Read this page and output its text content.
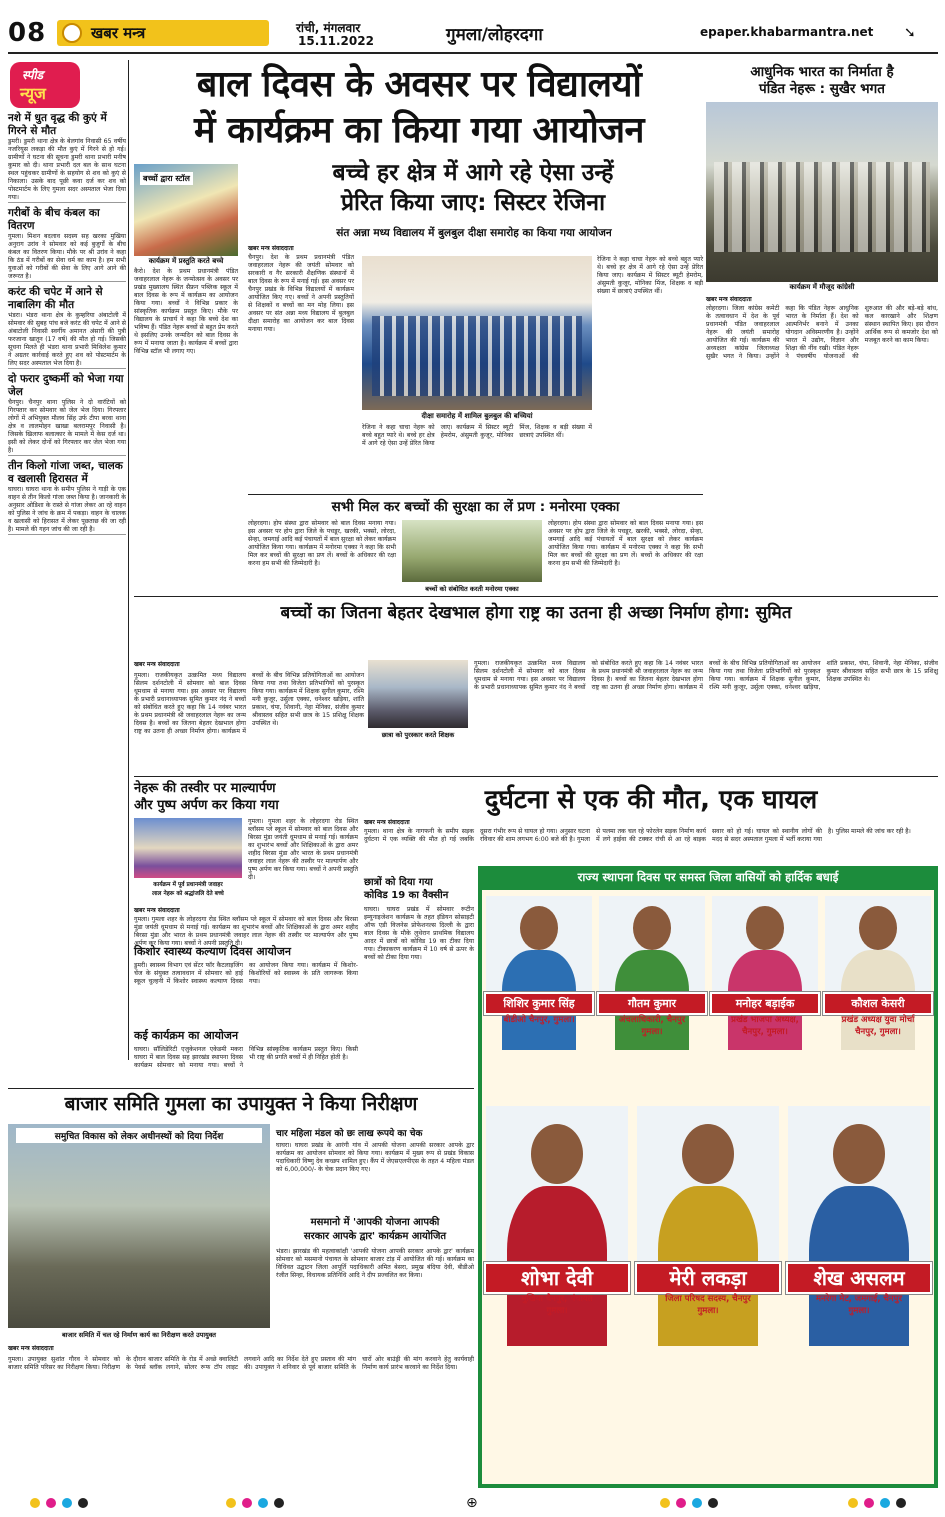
08	खबर मन्त्र	रांची, मंगलवार
15.11.2022	गुमला/लोहरदगा	epaper.khabarmantra.net ➘
स्पीड
न्यूज
नशे में धुत वृद्ध की कुएं में गिरने से मौत
डुमरी। डुमरी थाना क्षेत्र के बेलगांव निवासी 65 वर्षीय नजरियुस लकड़ा की मौत कुएं में गिरने से हो गई। ग्रामीणों ने घटना की सूचना डुमरी थाना प्रभारी मनीष कुमार को दी। थाना प्रभारी दल बल के साथ घटना स्थल पहुंचकर ग्रामीणों के सहयोग से शव को कुएं से निकाला। उसके बाद पूछी कवा दर्ज कर शव को पोस्टमार्टम के लिए गुमला सदर अस्पताल भेजा दिया गया।
गरीबों के बीच कंबल का वितरण
गुमला। मिशन बदलाव सदस्य सह खरका मुखिया अनुराग उरांव ने सोमवार को कई बुजुर्गों के बीच कंबल का वितरण किया। मौके पर श्री उरांव ने कहा कि ठंड में गरीबों का सेवा धर्म का काम है। हम सभी युवाओं को गरीबों की सेवा के लिए आगे आने की जरूरत है।
करंट की चपेट में आने से नाबालिग की मौत
भंडरा। भंडरा थाना क्षेत्र के कुम्हरिया अंबाटोली में सोमवार की सुबह पांच बजे करंट की चपेट में आने से अंबाटोली निवासी स्वर्गीय अमानत अंसारी की पुत्री फरजाना खातून (17 वर्ष) की मौत हो गई। जिसकी सूचना मिलते ही भंडरा थाना प्रभारी मिथिलेश कुमार ने अग्रतर कार्रवाई करते हुए शव को पोस्टमार्टम के लिए सदर अस्पताल भेज दिया है।
दो फरार दुष्कर्मी को भेजा गया जेल
चैनपुर। चैनपुर थाना पुलिस ने दो वारंटियों को गिरफ्तार कर सोमवार को जेल भेज दिया। गिरफ्तार लोगों में अभियुक्त मौलव सिंह उर्फ टीपा बरवा थाना क्षेत्र व लालमोहन खाखा बलरामपुर निवासी है। जिसके खिलाफ बलात्कार के मामले में केस दर्ज था। इसी को लेकर दोनों को गिरफ्तार कर जेल भेजा गया है।
तीन किलो गांजा जब्त, चालक व खलासी हिरासत में
घाघरा। घाघरा थाना के समीप पुलिस ने गाड़ी के एक वाहन से तीन किलो गांजा जब्त किया है। जानकारी के अनुसार ओडिशा के रास्ते से गांजा लेकर आ रहे वाहन को पुलिस ने जांच के क्रम में पकड़ा। वाहन के चालक व खलासी को हिरासत में लेकर पूछताछ की जा रही है। मामले की गहन जांच की जा रही है।
बाल दिवस के अवसर पर विद्यालयों
में कार्यक्रम का किया गया आयोजन
बच्चों द्वारा स्टॉल
कार्यक्रम में प्रस्तुति करते बच्चे
कैरो। देश के प्रथम प्रधानमंत्री पंडित जवाहरलाल नेहरू के जन्मोत्सव के अवसर पर प्रखंड मुख्यालय स्थित सैफ्रन पब्लिक स्कूल में बाल दिवस के रूप में कार्यक्रम का आयोजन किया गया। बच्चों ने विभिन्न प्रकार के सांस्कृतिक कार्यक्रम प्रस्तुत किए। मौके पर विद्यालय के प्राचार्य ने कहा कि बच्चे देश का भविष्य हैं। पंडित नेहरू बच्चों से बहुत प्रेम करते थे इसलिए उनके जन्मदिन को बाल दिवस के रूप में मनाया जाता है। कार्यक्रम में बच्चों द्वारा विभिन्न स्टॉल भी लगाए गए।
बच्चे हर क्षेत्र में आगे रहे ऐसा उन्हें
प्रेरित किया जाए: सिस्टर रेजिना
संत अन्ना मध्य विद्यालय में बुलबुल दीक्षा समारोह का किया गया आयोजन
खबर मन्त्र संवाददाता
चैनपुर। देश के प्रथम प्रधानमंत्री पंडित जवाहरलाल नेहरू की जयंती सोमवार को सरकारी व गैर सरकारी शैक्षणिक संस्थानों में बाल दिवस के रूप में मनाई गई। इस अवसर पर चैनपुर प्रखंड के विभिन्न विद्यालयों में कार्यक्रम आयोजित किए गए। बच्चों ने अपनी प्रस्तुतियों से शिक्षकों व बच्चों का मन मोह लिया। इस अवसर पर संत अन्ना मध्य विद्यालय में बुलबुल दीक्षा समारोह का आयोजन कर बाल दिवस मनाया गया।
दीक्षा समारोह में शामिल बुलबुल की बच्चियां
रेजिना ने कहा चाचा नेहरू को बच्चे बहुत प्यारे थे। बच्चे हर क्षेत्र में आगे रहे ऐसा उन्हें प्रेरित किया जाए। कार्यक्रम में सिस्टर ब्यूटी हेमरोम, अंसुमती कुजूर, मोनिका मिंज, शिक्षक व बड़ी संख्या में छात्राएं उपस्थित थीं।
रेजिना ने कहा चाचा नेहरू को बच्चे बहुत प्यारे थे। बच्चे हर क्षेत्र में आगे रहे ऐसा उन्हें प्रेरित किया जाए। कार्यक्रम में सिस्टर ब्यूटी हेमरोम, अंसुमती कुजूर, मोनिका मिंज, शिक्षक व बड़ी संख्या में छात्राएं उपस्थित थीं।
सभी मिल कर बच्चों की सुरक्षा का लें प्रण : मनोरमा एक्का
लोहरदगा। होप संस्था द्वारा सोमवार को बाल दिवस मनाया गया। इस अवसर पर होप द्वारा जिले के पचडूर, खरकी, भक्सो, लोरदा, सेन्हा, जमगाई आदि कई पंचायतों में बाल सुरक्षा को लेकर कार्यक्रम आयोजित किया गया। कार्यक्रम में मनोरमा एक्का ने कहा कि सभी मिल कर बच्चों की सुरक्षा का प्रण लें। बच्चों के अधिकार की रक्षा करना हम सभी की जिम्मेदारी है।
बच्चों को संबोधित करती मनोरमा एक्का
लोहरदगा। होप संस्था द्वारा सोमवार को बाल दिवस मनाया गया। इस अवसर पर होप द्वारा जिले के पचडूर, खरकी, भक्सो, लोरदा, सेन्हा, जमगाई आदि कई पंचायतों में बाल सुरक्षा को लेकर कार्यक्रम आयोजित किया गया। कार्यक्रम में मनोरमा एक्का ने कहा कि सभी मिल कर बच्चों की सुरक्षा का प्रण लें। बच्चों के अधिकार की रक्षा करना हम सभी की जिम्मेदारी है।
आधुनिक भारत का निर्माता है
पंडित नेहरू : सुखैर भगत
कार्यक्रम में मौजूद कांग्रेसी
खबर मन्त्र संवाददाता
लोहरदगा। जिला कांग्रेस कमेटी के तत्वावधान में देश के पूर्व प्रधानमंत्री पंडित जवाहरलाल नेहरू की जयंती समारोह आयोजित की गई। कार्यक्रम की अध्यक्षता कांग्रेस जिलाध्यक्ष सुखैर भगत ने किया। उन्होंने कहा कि पंडित नेहरू आधुनिक भारत के निर्माता हैं। देश को आत्मनिर्भर बनाने में उनका योगदान अविस्मरणीय है। उन्होंने भारत में उद्योग, विज्ञान और शिक्षा की नींव रखी। पंडित नेहरू ने पंचवर्षीय योजनाओं की शुरुआत की और बड़े-बड़े बांध, कल कारखाने और शिक्षण संस्थान स्थापित किए। इस दौरान आर्थिक रूप से कमजोर देश को मजबूत करने का काम किया।
बच्चों का जितना बेहतर देखभाल होगा राष्ट्र का उतना ही अच्छा निर्माण होगा: सुमित
खबर मन्त्र संवाददाता
गुमला। राजकीयकृत उत्क्रमित मध्य विद्यालय सिलम दर्शनटोली में सोमवार को बाल दिवस धूमधाम से मनाया गया। इस अवसर पर विद्यालय के प्रभारी प्रधानाध्यापक सुमित कुमार नंद ने बच्चों को संबोधित करते हुए कहा कि 14 नवंबर भारत के प्रथम प्रधानमंत्री श्री जवाहरलाल नेहरू का जन्म दिवस है। बच्चों का जितना बेहतर देखभाल होगा राष्ट्र का उतना ही अच्छा निर्माण होगा। कार्यक्रम में बच्चों के बीच विभिन्न प्रतियोगिताओं का आयोजन किया गया तथा विजेता प्रतिभागियों को पुरस्कृत किया गया। कार्यक्रम में शिक्षक सुनील कुमार, रश्मि मनी कुजूर, उर्सुला एक्का, धनेश्वर खड़िया, शांति प्रकाश, चंपा, शिवानी, नेहा मेनिका, संजीव कुमार श्रीवास्तव सहित सभी छात्र के 15 प्रशिक्षु शिक्षक उपस्थित थे।
छात्रा को पुरस्कार करते शिक्षक
गुमला। राजकीयकृत उत्क्रमित मध्य विद्यालय सिलम दर्शनटोली में सोमवार को बाल दिवस धूमधाम से मनाया गया। इस अवसर पर विद्यालय के प्रभारी प्रधानाध्यापक सुमित कुमार नंद ने बच्चों को संबोधित करते हुए कहा कि 14 नवंबर भारत के प्रथम प्रधानमंत्री श्री जवाहरलाल नेहरू का जन्म दिवस है। बच्चों का जितना बेहतर देखभाल होगा राष्ट्र का उतना ही अच्छा निर्माण होगा। कार्यक्रम में बच्चों के बीच विभिन्न प्रतियोगिताओं का आयोजन किया गया तथा विजेता प्रतिभागियों को पुरस्कृत किया गया। कार्यक्रम में शिक्षक सुनील कुमार, रश्मि मनी कुजूर, उर्सुला एक्का, धनेश्वर खड़िया, शांति प्रकाश, चंपा, शिवानी, नेहा मेनिका, संजीव कुमार श्रीवास्तव सहित सभी छात्र के 15 प्रशिक्षु शिक्षक उपस्थित थे।
नेहरू की तस्वीर पर माल्यार्पण
और पुष्प अर्पण कर किया गया
कार्यक्रम में पूर्व प्रधानमंत्री जवाहर
लाल नेहरू को श्रद्धांजलि देते बच्चे
खबर मन्त्र संवाददाता
गुमला। गुमला शहर के लोहरदगा रोड स्थित ब्लॉसम प्ले स्कूल में सोमवार को बाल दिवस और बिरसा मुंडा जयंती धूमधाम से मनाई गई। कार्यक्रम का शुभारंभ बच्चों और शिक्षिकाओं के द्वारा अमर शहीद बिरसा मुंडा और भारत के प्रथम प्रधानमंत्री जवाहर लाल नेहरू की तस्वीर पर माल्यार्पण और पुष्प अर्पण कर किया गया। बच्चों ने अपनी प्रस्तुति दी।
गुमला। गुमला शहर के लोहरदगा रोड स्थित ब्लॉसम प्ले स्कूल में सोमवार को बाल दिवस और बिरसा मुंडा जयंती धूमधाम से मनाई गई। कार्यक्रम का शुभारंभ बच्चों और शिक्षिकाओं के द्वारा अमर शहीद बिरसा मुंडा और भारत के प्रथम प्रधानमंत्री जवाहर लाल नेहरू की तस्वीर पर माल्यार्पण और पुष्प अर्पण कर किया गया। बच्चों ने अपनी प्रस्तुति दी।
किशोर स्वास्थ्य कल्याण दिवस आयोजन
डुमरी। स्वास्थ्य विभाग एवं सेंटर फॉर कैटलाइजिंग चेंज के संयुक्त तत्वावधान में सोमवार को हाई स्कूल चुल्हनी में किशोर स्वास्थ्य कल्याण दिवस का आयोजन किया गया। कार्यक्रम में किशोर-किशोरियों को स्वास्थ्य के प्रति जागरूक किया गया।
कई कार्यक्रम का आयोजन
घाघरा। सॉलिडेरिटी एजुकेशनल एकेडमी मकरा घाघरा में बाल दिवस सह झारखंड स्थापना दिवस कार्यक्रम सोमवार को मनाया गया। बच्चों ने विभिन्न सांस्कृतिक कार्यक्रम प्रस्तुत किए। किसी भी राष्ट्र की प्रगति बच्चों में ही निहित होती है।
दुर्घटना से एक की मौत, एक घायल
खबर मन्त्र संवाददाता
गुमला। थाना क्षेत्र के नागफनी के समीप सड़क दुर्घटना में एक व्यक्ति की मौत हो गई जबकि दूसरा गंभीर रूप से घायल हो गया। अनुसार घटना रविवार की शाम लगभग 6:00 बजे की है। गुमला से पलमा तक चल रहे फोरलेन सड़क निर्माण कार्य में लगे हाईवा की टक्कर रांची से आ रहे बाइक सवार को हो गई। घायल को स्थानीय लोगों की मदद से सदर अस्पताल गुमला में भर्ती कराया गया है। पुलिस मामले की जांच कर रही है।
छात्रों को दिया गया
कोविड 19 का वैक्सीन
घाघरा। घाघरा प्रखंड में सोमवार रूटीन इम्युनाइजेशन कार्यक्रम के तहत इंडियन सोसाइटी ऑफ एडी विजनेस प्रोफेशनल्स दिल्ली के द्वारा बाल दिवस के मौके लुथेरान प्राथमिक विद्यालय आदर में छात्रों को कोविड 19 का टीका दिया गया। टीकाकरण कार्यक्रम में 10 वर्ष से ऊपर के बच्चों को टीका दिया गया।
राज्य स्थापना दिवस पर समस्त जिला वासियों को हार्दिक बधाई
शिशिर कुमार सिंह
बीडीओ चैनपुर, गुमला।
गौतम कुमार
अंचलाधिकारी, चैनपुर
गुमला।
मनोहर बड़ाईक
प्रखंड भाजपा अध्यक्ष,
चैनपुर, गुमला।
कौशल केसरी
प्रखंड अध्यक्ष युवा मोर्चा
चैनपुर, गुमला।
शोभा देवी
मुखिया चैनपुर, पंचायत
गुमला।
मेरी लकड़ा
जिला परिषद सदस्य, चैनपुर
गुमला।
शेख असलम
मनरेगा मेट, जमगाई, चैनपुर
गुमला।
बाजार समिति गुमला का उपायुक्त ने किया निरीक्षण
समुचित विकास को लेकर अधीनस्थों को दिया निर्देश
बाजार समिति में चल रहे निर्माण कार्य का निरीक्षण करते उपायुक्त
खबर मन्त्र संवाददाता
गुमला। उपायुक्त सुशांत गौरव ने सोमवार को बाजार समिति परिसर का निरीक्षण किया। निरीक्षण के दौरान बाजार समिति के रोड में अच्छे क्वालिटी के पेवर्स ब्लॉक लगाने, सोलर रूफ टॉप लाइट लगवाने आदि का निर्देश देते हुए प्रस्ताव की मांग की। उपायुक्त ने शनिवार से पूर्व बाजार समिति के चारों ओर बाउंड्री की मांग करवाने हेतु कार्यवाही निर्माण कार्य प्रारंभ करवाने का निर्देश दिया।
चार महिला मंडल को छः लाख रूपये का चेक
घाघरा। घाघरा प्रखंड के आरंगी गांव में आपकी योजना आपकी सरकार आपके द्वार कार्यक्रम का आयोजन सोमवार को किया गया। कार्यक्रम में मुख्य रूप से प्रखंड विकास पदाधिकारी विष्णु देव कच्छप शामिल हुए। कैंप में जेएसएलपीएस के तहत 4 महिला मंडल को 6,00,000/- के चेक प्रदान किए गए।
मसमानो में 'आपकी योजना आपकी
सरकार आपके द्वार' कार्यक्रम आयोजित
भंडरा। झारखंड की महत्वाकांक्षी 'आपकी योजना आपकी सरकार आपके द्वार' कार्यक्रम सोमवार को मसमानो पंचायत के सोमवार बाजार टांड़ में आयोजित की गई। कार्यक्रम का विधिवत उद्घाटन जिला आपूर्ति पदाधिकारी अमित बेसरा, प्रमुख बंदिया देवी, बीडीओ रंजीत सिन्हा, विधायक प्रतिनिधि आदि ने दीप प्रज्वलित कर किया।
⊕
